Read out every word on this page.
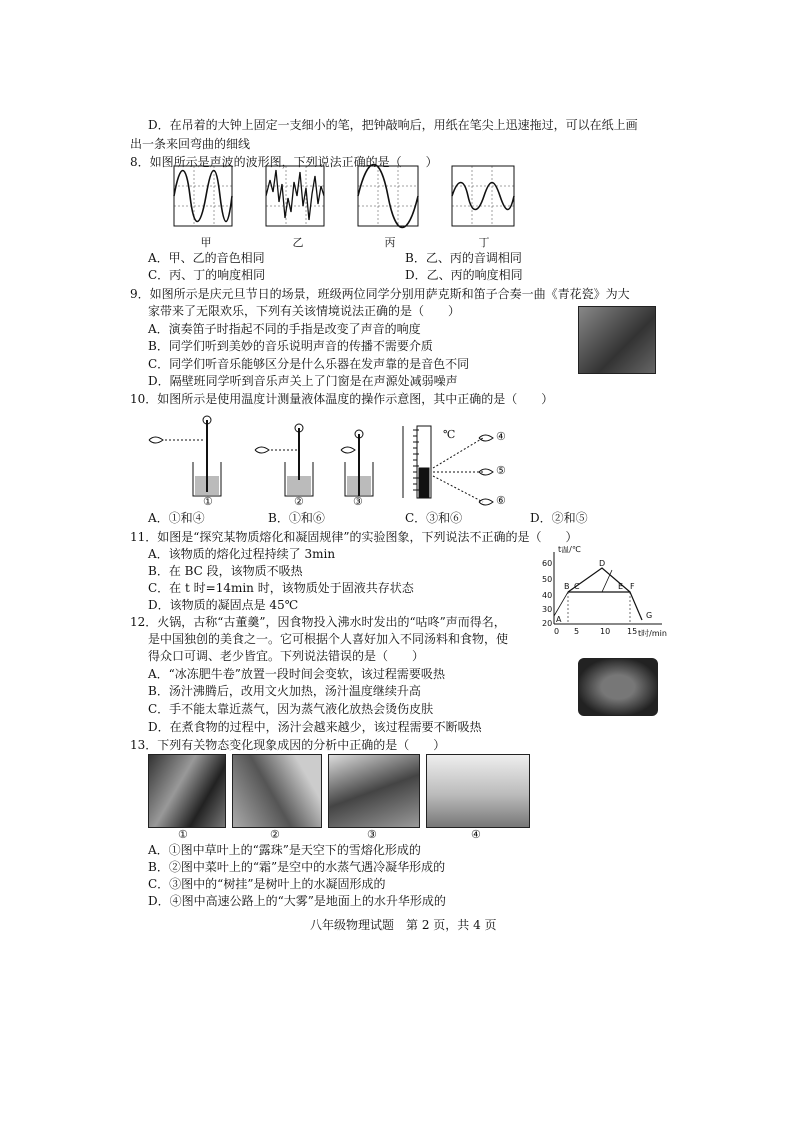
D．在吊着的大钟上固定一支细小的笔，把钟敲响后，用纸在笔尖上迅速拖过，可以在纸上画
出一条来回弯曲的细线
8．如图所示是声波的波形图，下列说法正确的是（　　）
甲	乙	丙	丁
A．甲、乙的音色相同	B．乙、丙的音调相同
C．丙、丁的响度相同	D．乙、丙的响度相同
9．如图所示是庆元旦节日的场景，班级两位同学分别用萨克斯和笛子合奏一曲《青花瓷》为大
家带来了无限欢乐，下列有关该情境说法正确的是（　　）
A．演奏笛子时指起不同的手指是改变了声音的响度
B．同学们听到美妙的音乐说明声音的传播不需要介质
C．同学们听音乐能够区分是什么乐器在发声靠的是音色不同
D．隔壁班同学听到音乐声关上了门窗是在声源处减弱噪声
10．如图所示是使用温度计测量液体温度的操作示意图，其中正确的是（　　）
℃	④
⑤
⑥
①	②	③
A．①和④	B．①和⑥	C．③和⑥	D．②和⑤
11．如图是“探究某物质熔化和凝固规律”的实验图象，下列说法不正确的是（　　）
A．该物质的熔化过程持续了 3min
B．在 BC 段，该物质不吸热
C．在 t 时=14min 时，该物质处于固液共存状态
D．该物质的凝固点是 45℃
t温/℃
60
50
40
30
20
0 5	10 15 t时/min
A
B C
D
E F
G
12．火锅，古称“古董羹”，因食物投入沸水时发出的“咕咚”声而得名，
是中国独创的美食之一。它可根据个人喜好加入不同汤料和食物，使
得众口可调、老少皆宜。下列说法错误的是（　　）
A．“冰冻肥牛卷”放置一段时间会变软，该过程需要吸热
B．汤汁沸腾后，改用文火加热，汤汁温度继续升高
C．手不能太靠近蒸气，因为蒸气液化放热会烫伤皮肤
D．在煮食物的过程中，汤汁会越来越少，该过程需要不断吸热
13．下列有关物态变化现象成因的分析中正确的是（　　）
①	②	③	④
A．①图中草叶上的“露珠”是天空下的雪熔化形成的
B．②图中菜叶上的“霜”是空中的水蒸气遇冷凝华形成的
C．③图中的“树挂”是树叶上的水凝固形成的
D．④图中高速公路上的“大雾”是地面上的水升华形成的
八年级物理试题　第 2 页，共 4 页
